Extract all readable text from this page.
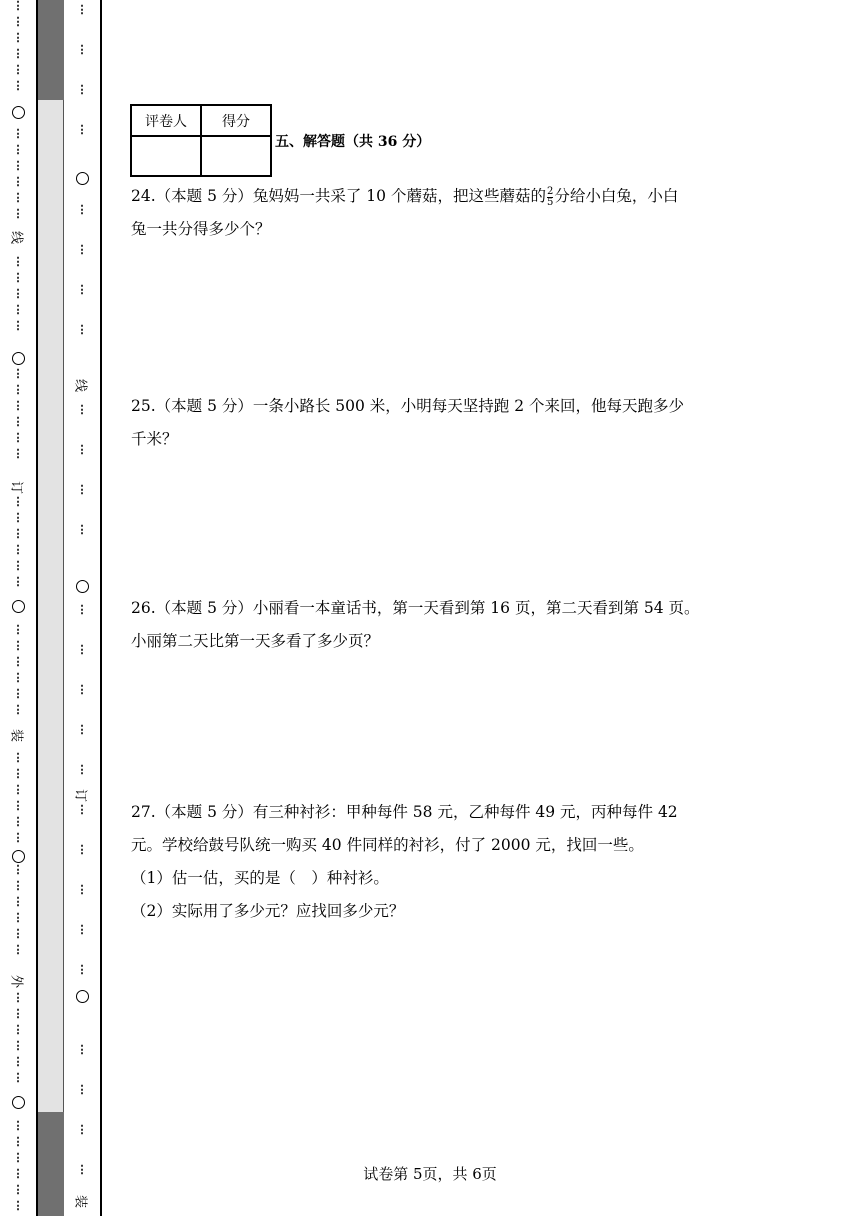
⋮
⋮
⋮
⋮
⋮
⋮
⋮
⋮
⋮
⋮
⋮
⋮
⋮
⋮
⋮
⋮
⋮
⋮
⋮
⋮
⋮
⋮
⋮
⋮
⋮
⋮
⋮
⋮
⋮
⋮
⋮
⋮
⋮
⋮
⋮
⋮
⋮
⋮
⋮
⋮
⋮
⋮
⋮
⋮
⋮
⋮
⋮
⋮
⋮
⋮
⋮
⋮
⋮
⋮
⋮
⋮
⋮
⋮
⋮
线
订
装
外
⋮
⋮
⋮
⋮
⋮
⋮
⋮
⋮
⋮
⋮
⋮
⋮
⋮
⋮
⋮
⋮
⋮
⋮
⋮
⋮
⋮
⋮
⋮
⋮
⋮
⋮
线
订
装
评卷人	得分

五、解答题（共 36 分）
24.（本题 5 分）兔妈妈一共采了 10 个蘑菇，把这些蘑菇的 $\frac{2}{5}$ 分给小白兔，小白
兔一共分得多少个？
25.（本题 5 分）一条小路长 500 米，小明每天坚持跑 2 个来回，他每天跑多少
千米？
26.（本题 5 分）小丽看一本童话书，第一天看到第 16 页，第二天看到第 54 页。
小丽第二天比第一天多看了多少页？
27.（本题 5 分）有三种衬衫：甲种每件 58 元，乙种每件 49 元，丙种每件 42
元。学校给鼓号队统一购买 40 件同样的衬衫，付了 2000 元，找回一些。
（1）估一估，买的是（　）种衬衫。
（2）实际用了多少元？应找回多少元？
试卷第 5页，共 6页
